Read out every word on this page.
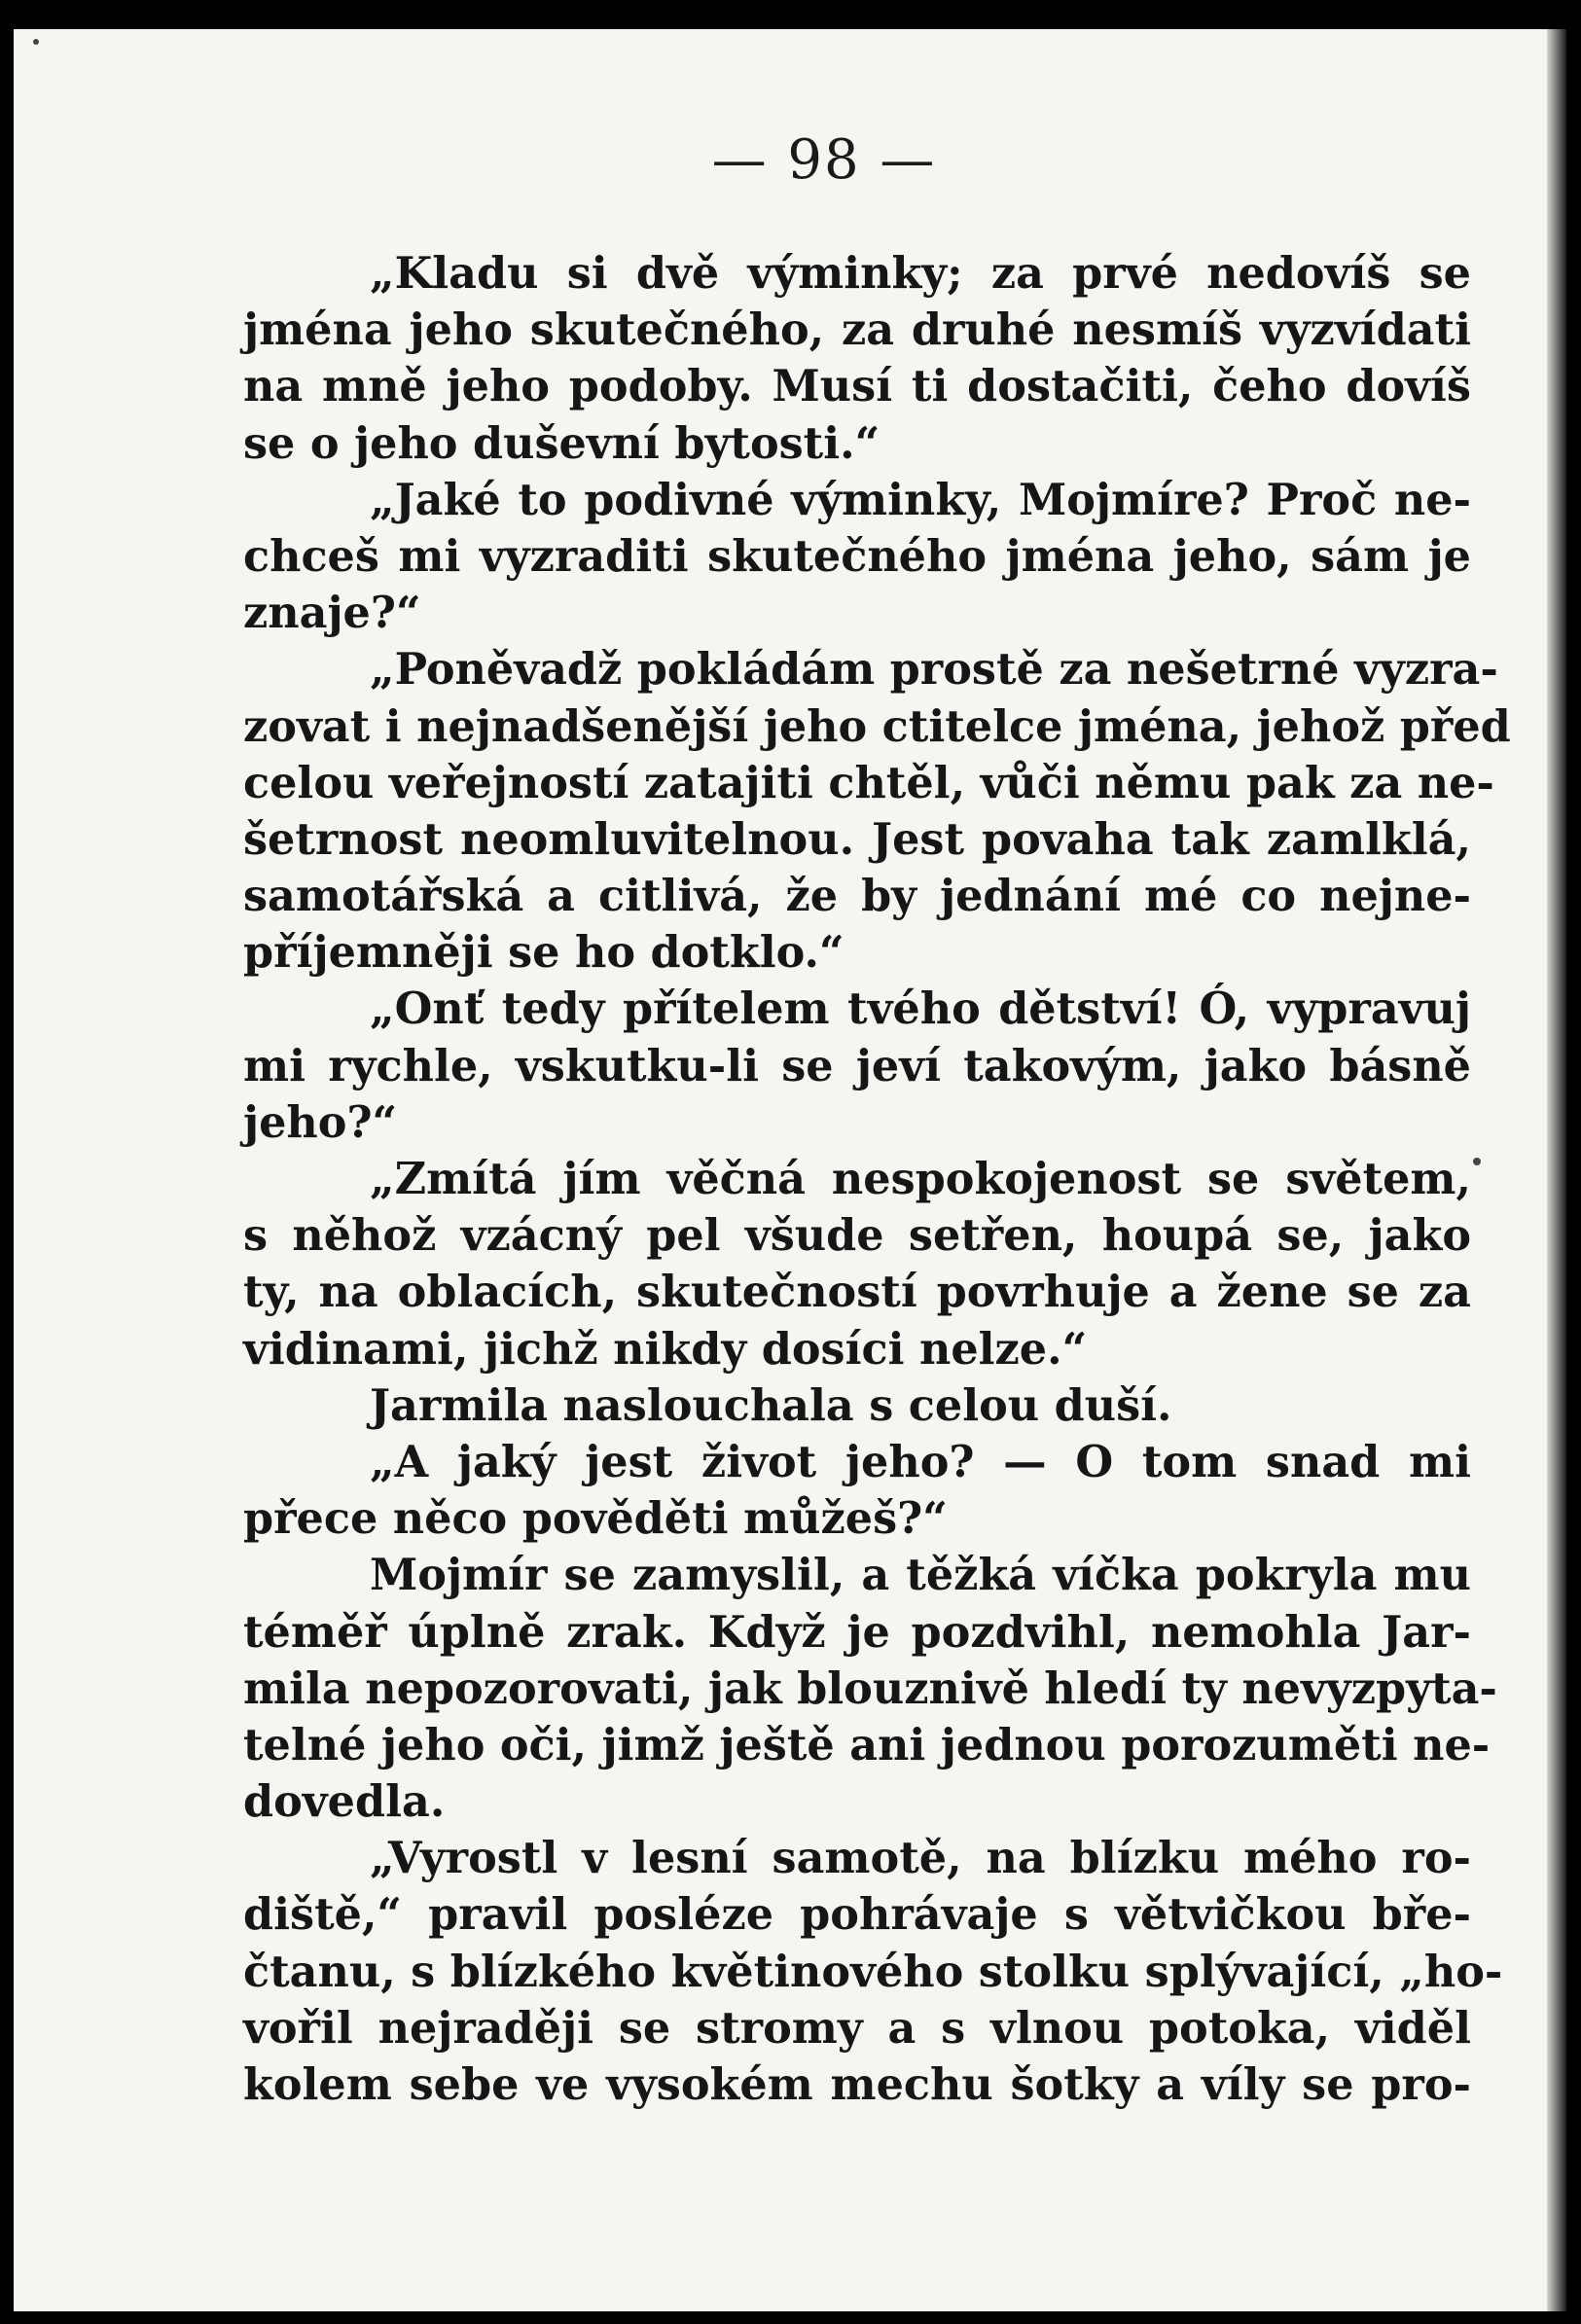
— 98 —
„Kladu si dvě výminky; za prvé nedovíš se
jména jeho skutečného, za druhé nesmíš vyzvídati
na mně jeho podoby. Musí ti dostačiti, čeho dovíš
se o jeho duševní bytosti.“
„Jaké to podivné výminky, Mojmíre? Proč ne-
chceš mi vyzraditi skutečného jména jeho, sám je
znaje?“
„Poněvadž pokládám prostě za nešetrné vyzra-
zovat i nejnadšenější jeho ctitelce jména, jehož před
celou veřejností zatajiti chtěl, vůči němu pak za ne-
šetrnost neomluvitelnou. Jest povaha tak zamlklá,
samotářská a citlivá, že by jednání mé co nejne-
příjemněji se ho dotklo.“
„Onť tedy přítelem tvého dětství! Ó, vypravuj
mi rychle, vskutku-li se jeví takovým, jako básně
jeho?“
„Zmítá jím věčná nespokojenost se světem,
s něhož vzácný pel všude setřen, houpá se, jako
ty, na oblacích, skutečností povrhuje a žene se za
vidinami, jichž nikdy dosíci nelze.“
Jarmila naslouchala s celou duší.
„A jaký jest život jeho? — O tom snad mi
přece něco pověděti můžeš?“
Mojmír se zamyslil, a těžká víčka pokryla mu
téměř úplně zrak. Když je pozdvihl, nemohla Jar-
mila nepozorovati, jak blouznivě hledí ty nevyzpyta-
telné jeho oči, jimž ještě ani jednou porozuměti ne-
dovedla.
„Vyrostl v lesní samotě, na blízku mého ro-
diště,“ pravil posléze pohrávaje s větvičkou bře-
čtanu, s blízkého květinového stolku splývající, „ho-
vořil nejraději se stromy a s vlnou potoka, viděl
kolem sebe ve vysokém mechu šotky a víly se pro-
